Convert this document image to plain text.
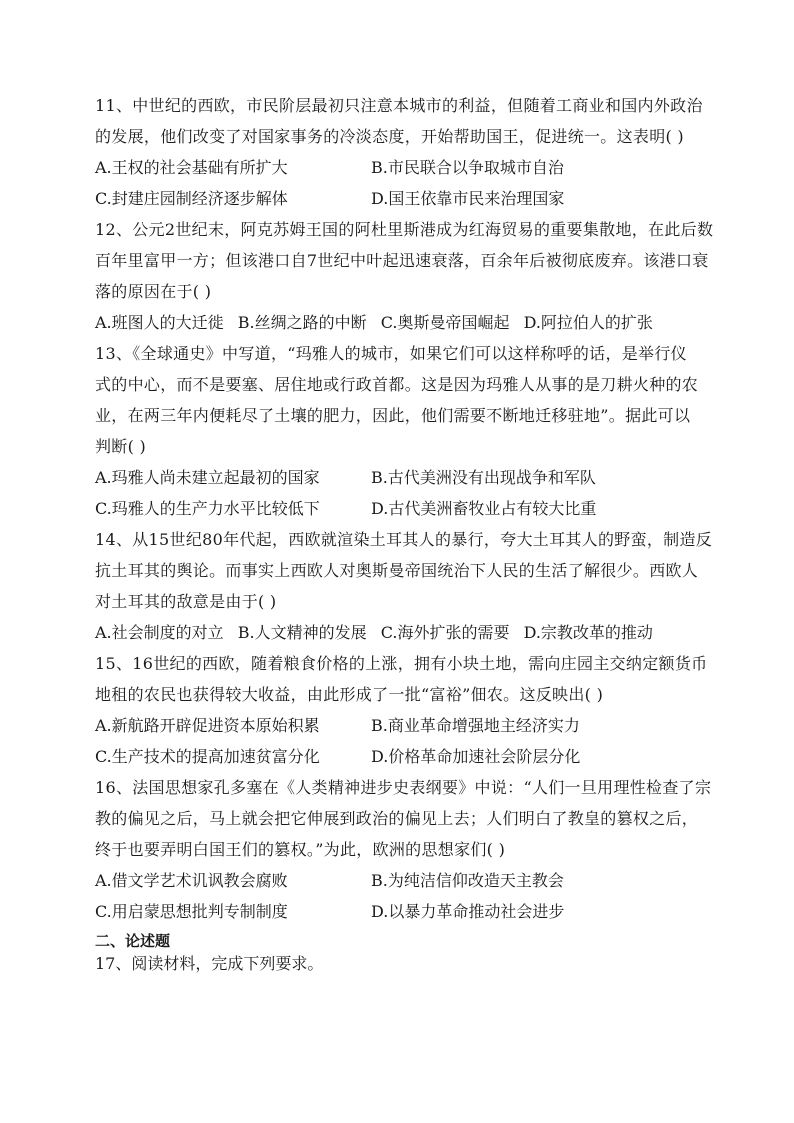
11、中世纪的西欧，市民阶层最初只注意本城市的利益，但随着工商业和国内外政治
的发展，他们改变了对国家事务的冷淡态度，开始帮助国王，促进统一。这表明( )
A.王权的社会基础有所扩大	B.市民联合以争取城市自治
C.封建庄园制经济逐步解体	D.国王依靠市民来治理国家
12、公元2世纪末，阿克苏姆王国的阿杜里斯港成为红海贸易的重要集散地，在此后数
百年里富甲一方；但该港口自7世纪中叶起迅速衰落，百余年后被彻底废弃。该港口衰
落的原因在于( )
A.班图人的大迁徙 B.丝绸之路的中断 C.奥斯曼帝国崛起 D.阿拉伯人的扩张
13、《全球通史》中写道，“玛雅人的城市，如果它们可以这样称呼的话，是举行仪
式的中心，而不是要塞、居住地或行政首都。这是因为玛雅人从事的是刀耕火种的农
业，在两三年内便耗尽了土壤的肥力，因此，他们需要不断地迁移驻地”。据此可以
判断( )
A.玛雅人尚未建立起最初的国家	B.古代美洲没有出现战争和军队
C.玛雅人的生产力水平比较低下	D.古代美洲畜牧业占有较大比重
14、从15世纪80年代起，西欧就渲染土耳其人的暴行，夸大土耳其人的野蛮，制造反
抗土耳其的舆论。而事实上西欧人对奥斯曼帝国统治下人民的生活了解很少。西欧人
对土耳其的敌意是由于( )
A.社会制度的对立 B.人文精神的发展 C.海外扩张的需要 D.宗教改革的推动
15、16世纪的西欧，随着粮食价格的上涨，拥有小块土地，需向庄园主交纳定额货币
地租的农民也获得较大收益，由此形成了一批“富裕”佃农。这反映出( )
A.新航路开辟促进资本原始积累	B.商业革命增强地主经济实力
C.生产技术的提高加速贫富分化	D.价格革命加速社会阶层分化
16、法国思想家孔多塞在《人类精神进步史表纲要》中说：“人们一旦用理性检查了宗
教的偏见之后，马上就会把它伸展到政治的偏见上去；人们明白了教皇的篡权之后，
终于也要弄明白国王们的篡权。”为此，欧洲的思想家们( )
A.借文学艺术讥讽教会腐败	B.为纯洁信仰改造天主教会
C.用启蒙思想批判专制制度	D.以暴力革命推动社会进步
二、论述题
17、阅读材料，完成下列要求。
